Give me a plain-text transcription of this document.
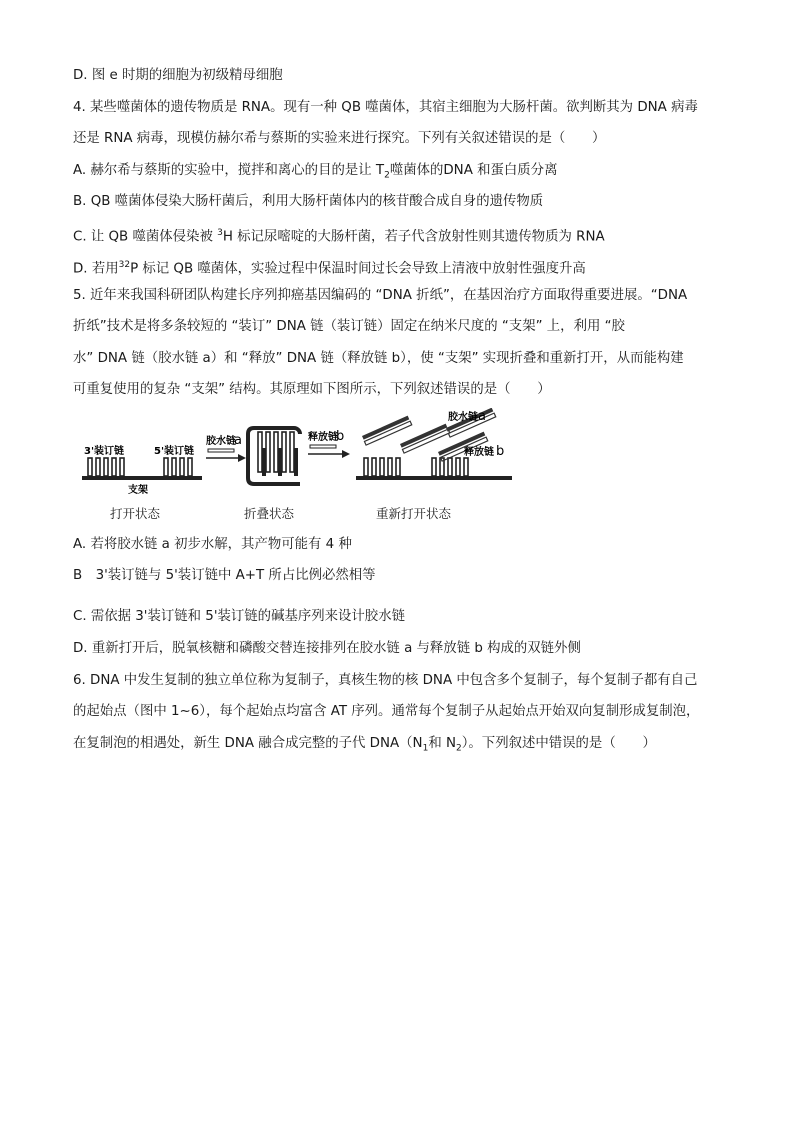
D. 图 e 时期的细胞为初级精母细胞
4. 某些噬菌体的遗传物质是 RNA。现有一种 QB 噬菌体，其宿主细胞为大肠杆菌。欲判断其为 DNA 病毒
还是 RNA 病毒，现模仿赫尔希与蔡斯的实验来进行探究。下列有关叙述错误的是（　　）
A. 赫尔希与蔡斯的实验中，搅拌和离心的目的是让 $T_2$噬菌体的DNA 和蛋白质分离
B. QB 噬菌体侵染大肠杆菌后，利用大肠杆菌体内的核苷酸合成自身的遗传物质
C. 让 QB 噬菌体侵染被 $^3$H 标记尿嘧啶的大肠杆菌，若子代含放射性则其遗传物质为 RNA
D. 若用$^{32}$P 标记 QB 噬菌体，实验过程中保温时间过长会导致上清液中放射性强度升高
5. 近年来我国科研团队构建长序列抑癌基因编码的 “DNA 折纸”，在基因治疗方面取得重要进展。“DNA
折纸”技术是将多条较短的 “装订” DNA 链（装订链）固定在纳米尺度的 “支架” 上，利用 “胶
水” DNA 链（胶水链 a）和 “释放” DNA 链（释放链 b），使 “支架” 实现折叠和重新打开，从而能构建
可重复使用的复杂 “支架” 结构。其原理如下图所示，下列叙述错误的是（　　）
3'装订链	5'装订链
支架
胶水链
a	释放链
b
胶水链 a
释放链 b
打开状态	折叠状态	重新打开状态
A. 若将胶水链 a 初步水解，其产物可能有 4 种
B　3'装订链与 5'装订链中 A+T 所占比例必然相等
C. 需依据 3'装订链和 5'装订链的碱基序列来设计胶水链
D. 重新打开后，脱氧核糖和磷酸交替连接排列在胶水链 a 与释放链 b 构成的双链外侧
6. DNA 中发生复制的独立单位称为复制子，真核生物的核 DNA 中包含多个复制子，每个复制子都有自己
的起始点（图中 1~6），每个起始点均富含 AT 序列。通常每个复制子从起始点开始双向复制形成复制泡，
在复制泡的相遇处，新生 DNA 融合成完整的子代 $DNA(N_1$和 $N_2$）。下列叙述中错误的是（　　）
